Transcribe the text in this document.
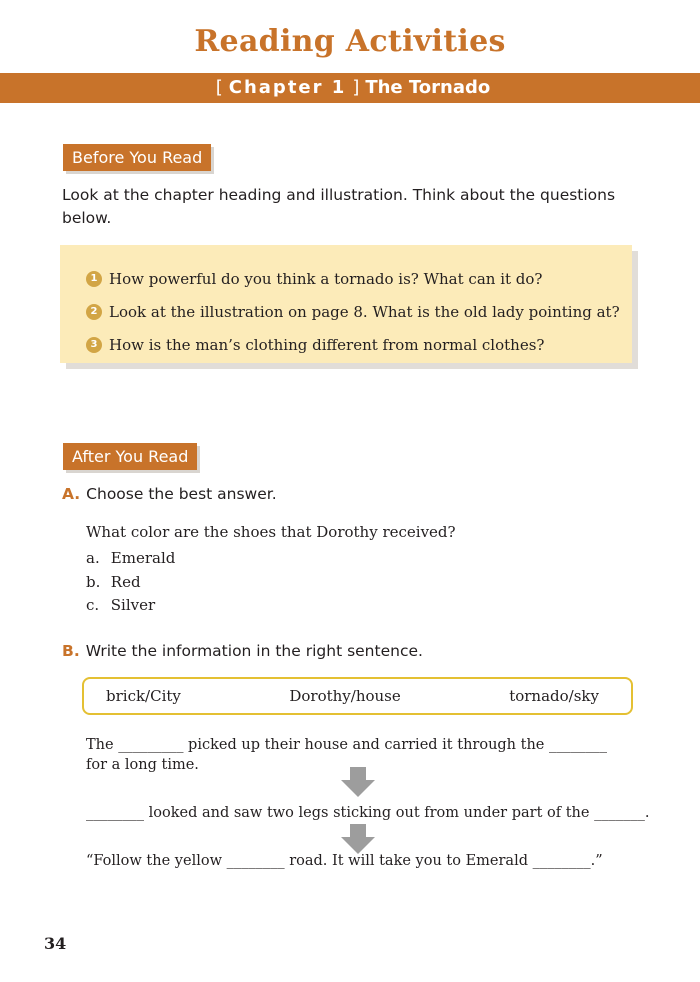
Reading Activities
[ Chapter 1 ] The Tornado
Before You Read
Look at the chapter heading and illustration. Think about the questions below.
1 How powerful do you think a tornado is? What can it do?
2 Look at the illustration on page 8. What is the old lady pointing at?
3 How is the man’s clothing different from normal clothes?
After You Read
A. Choose the best answer.
What color are the shoes that Dorothy received?
a. Emerald
b. Red
c. Silver
B. Write the information in the right sentence.
brick/City	Dorothy/house	tornado/sky
The _________ picked up their house and carried it through the ________ for a long time.
________ looked and saw two legs sticking out from under part of the _______.
“Follow the yellow ________ road. It will take you to Emerald ________.”
34
